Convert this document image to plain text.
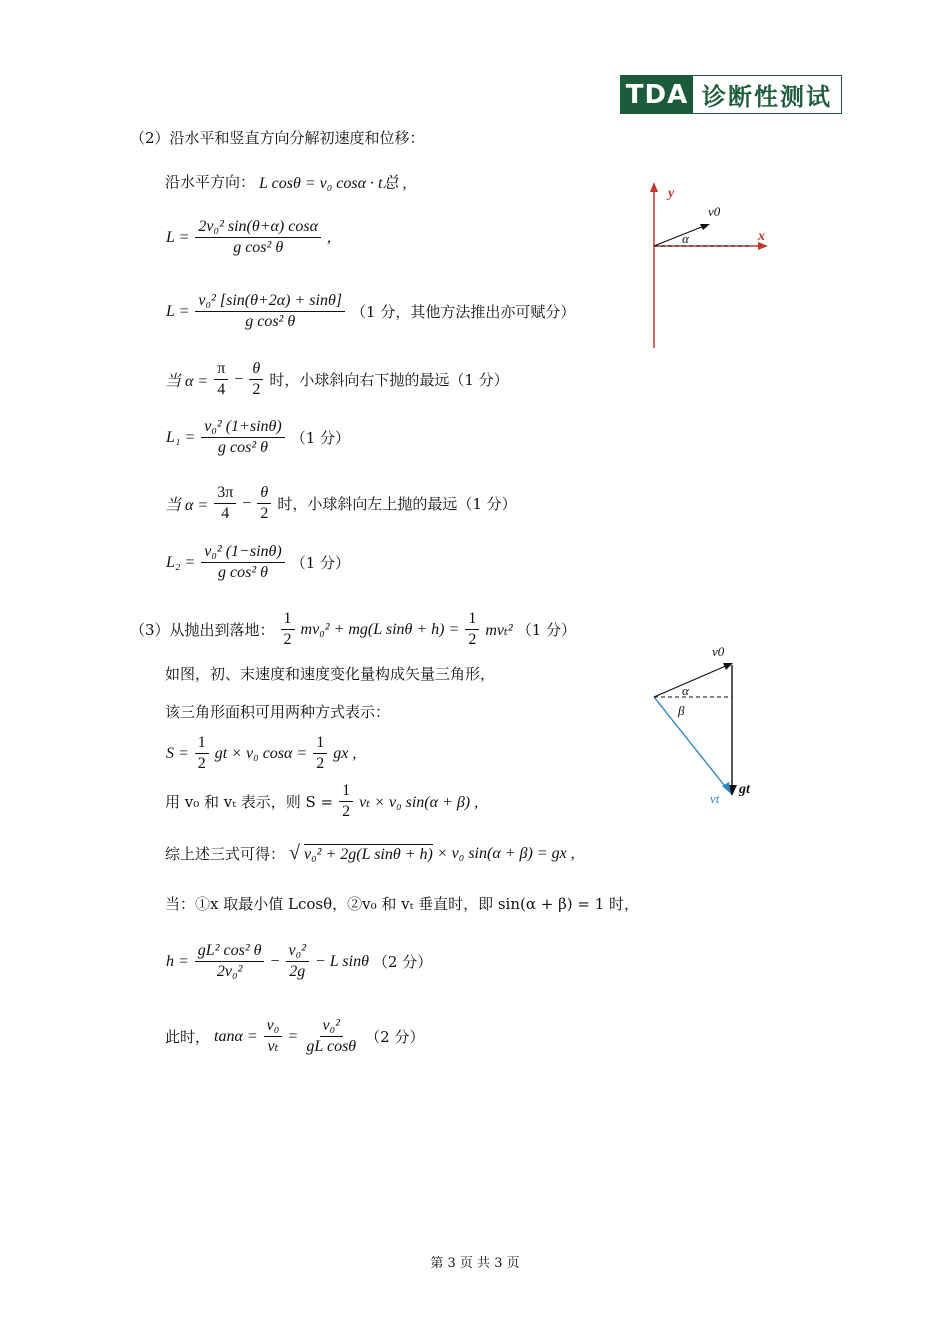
TDA 诊断性测试
（2）沿水平和竖直方向分解初速度和位移：
沿水平方向： L cosθ = v₀ cosα · t总 ,
$L = \frac{\text{2v₀² sin(θ+α) cosα}}{\text{g cos² θ}}$ ,
$L = \frac{\text{v₀² [sin(θ+2α) + sinθ]}}{\text{g cos² θ}} (1$ 分，其他方法推出亦可赋分）
当 $\alpha = \frac{\pi}{4} - \frac{\theta}{2}$ 时，小球斜向右下抛的最远（1 分）
$L_1 = \frac{\text{v₀² (1+sinθ)}}{\text{g cos² θ}} (1$ 分）
当 $\alpha = \frac{3\pi}{4} - \frac{\theta}{2}$ 时，小球斜向左上抛的最远（1 分）
$L_2 = \frac{\text{v₀² (1−sinθ)}}{\text{g cos² θ}} (1$ 分）
y
x
v0
α
（3）从抛出到落地： $\frac{1}{2} mv_0^2 + mg(L$ $\sin\theta + h) = \frac{1}{2} mv_t^2$ （1 分）
如图，初、末速度和速度变化量构成矢量三角形，
该三角形面积可用两种方式表示：
$S = \frac{1}{2}$ gt × v₀ $\cos\alpha = \frac{1}{2}$ gx ,
用 v₀ 和 vₜ 表示，则 $S = \frac{1}{2}$ vₜ × v₀ sin(α + β) ,
综上述三式可得： √ v₀² + 2g(L sinθ + h) × v₀ sin(α + β) = gx ,
当：①x 取最小值 Lcosθ，②v₀ 和 vₜ 垂直时，即 sin(α + β) = 1 时，
$h = \frac{\text{gL² cos² θ}}{\text{2v₀²}} - \frac{\text{v₀²}}{2g} - L$ sinθ （2 分）
此时， $\tan\alpha = \frac{\text{v₀}}{\text{vₜ}} = \frac{\text{v₀²}}{\text{gL cosθ}} (2$ 分）
v0
α
β
vt
gt
第 3 页 共 3 页
